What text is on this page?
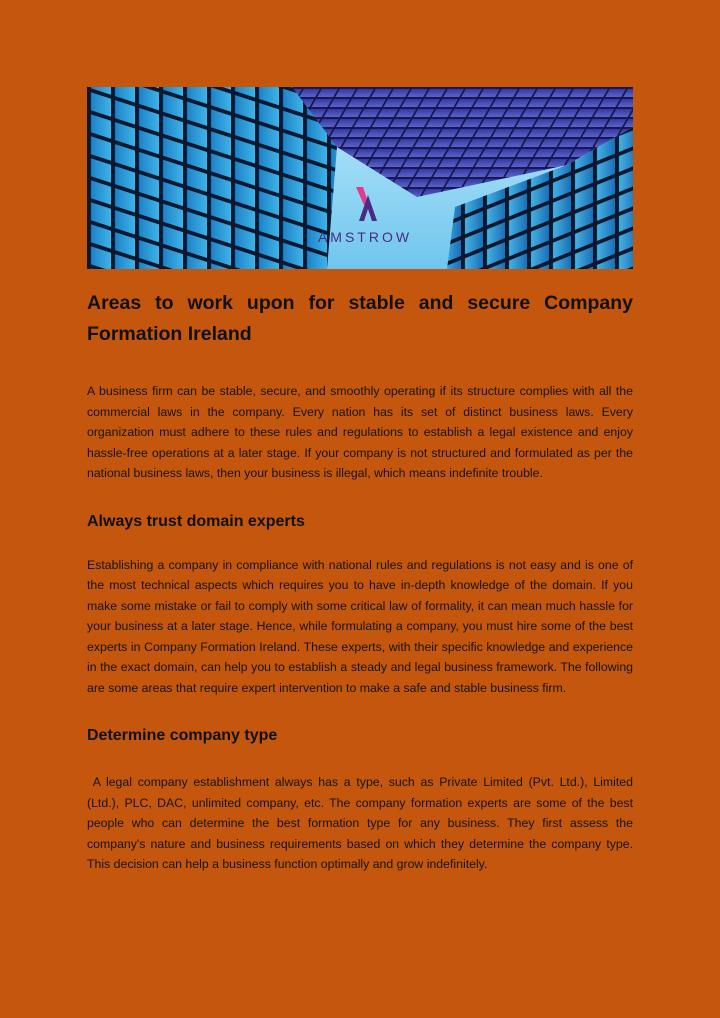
AMSTROW
Areas to work upon for stable and secure Company Formation Ireland

A business firm can be stable, secure, and smoothly operating if its structure complies with all the commercial laws in the company. Every nation has its set of distinct business laws. Every organization must adhere to these rules and regulations to establish a legal existence and enjoy hassle-free operations at a later stage. If your company is not structured and formulated as per the national business laws, then your business is illegal, which means indefinite trouble.

Always trust domain experts

Establishing a company in compliance with national rules and regulations is not easy and is one of the most technical aspects which requires you to have in-depth knowledge of the domain. If you make some mistake or fail to comply with some critical law of formality, it can mean much hassle for your business at a later stage. Hence, while formulating a company, you must hire some of the best experts in Company Formation Ireland. These experts, with their specific knowledge and experience in the exact domain, can help you to establish a steady and legal business framework. The following are some areas that require expert intervention to make a safe and stable business firm.

Determine company type

A legal company establishment always has a type, such as Private Limited (Pvt. Ltd.), Limited (Ltd.), PLC, DAC, unlimited company, etc. The company formation experts are some of the best people who can determine the best formation type for any business. They first assess the company's nature and business requirements based on which they determine the company type. This decision can help a business function optimally and grow indefinitely.
